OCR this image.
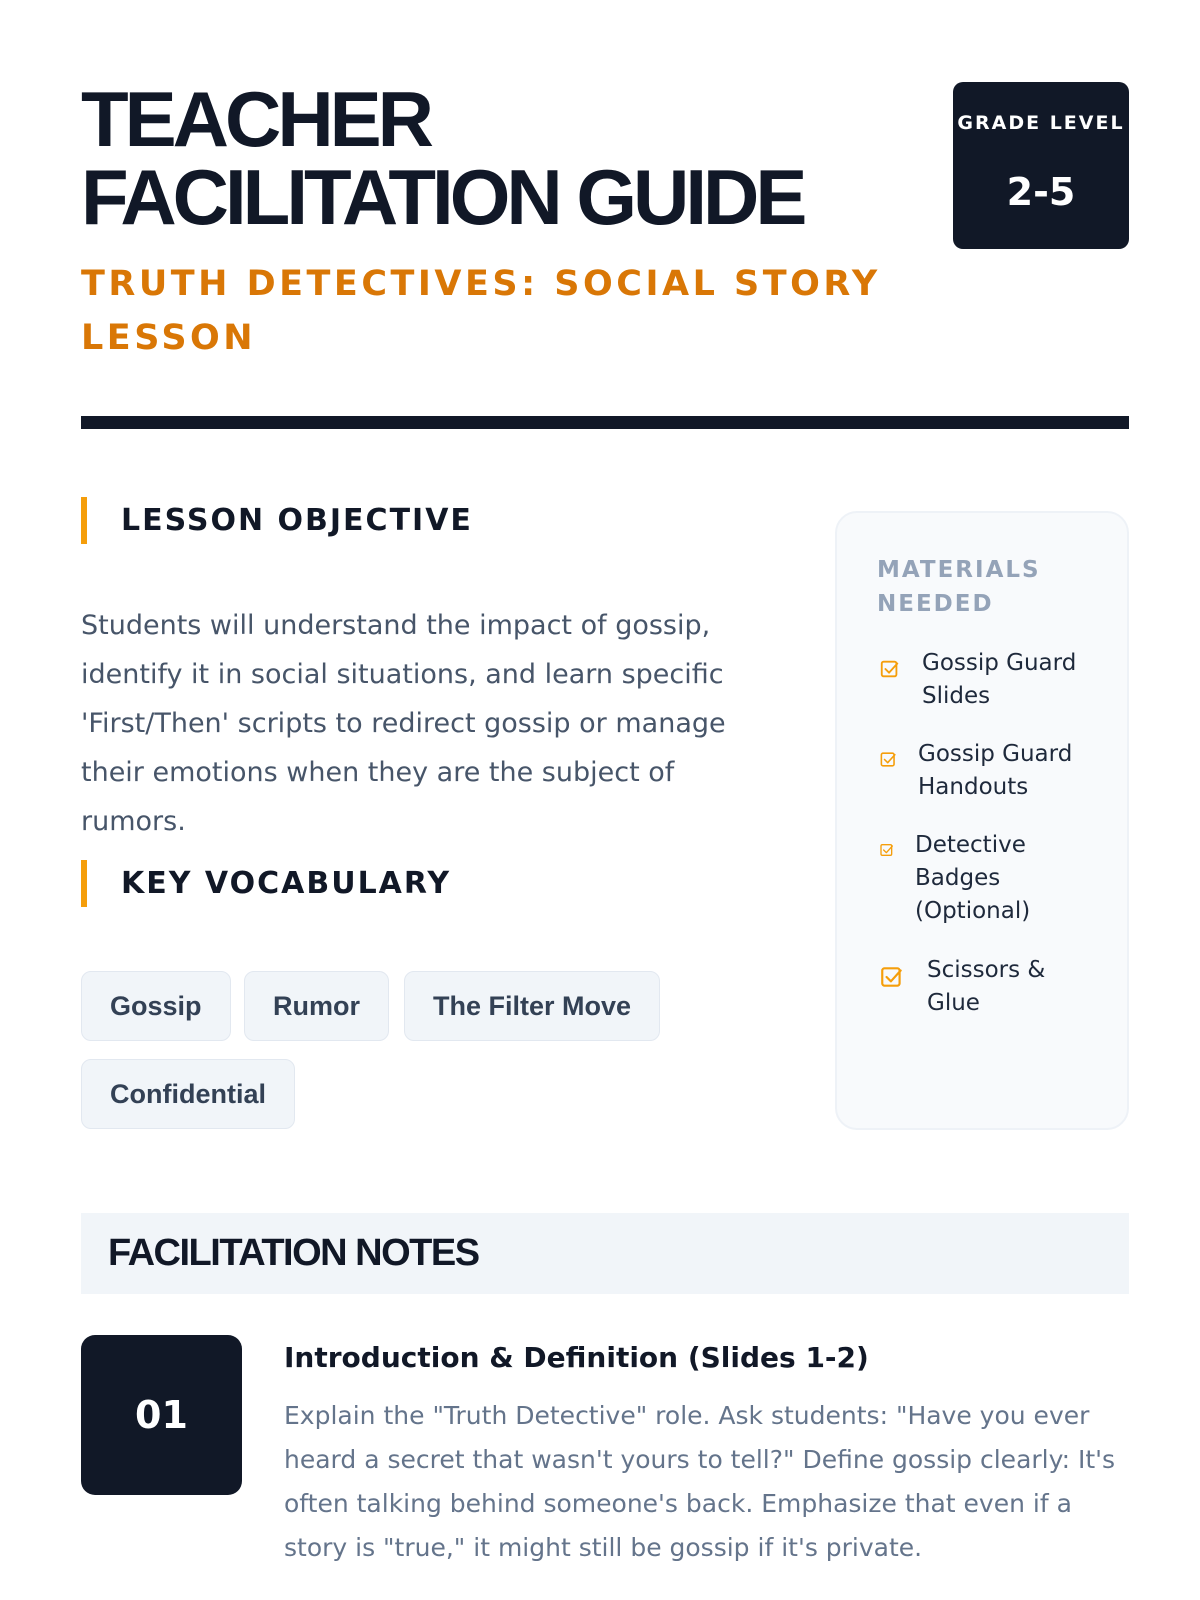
TEACHER
FACILITATION GUIDE
TRUTH DETECTIVES: SOCIAL STORY LESSON
GRADE LEVEL
2-5
LESSON OBJECTIVE

Students will understand the impact of gossip, identify it in social situations, and learn specific 'First/Then' scripts to redirect gossip or manage their emotions when they are the subject of rumors.

KEY VOCABULARY
Gossip	Rumor	The Filter Move
Confidential
MATERIALS NEEDED
Gossip Guard Slides
Gossip Guard Handouts
Detective Badges (Optional)
Scissors & Glue
FACILITATION NOTES
01
Introduction & Definition (Slides 1-2)

Explain the "Truth Detective" role. Ask students: "Have you ever heard a secret that wasn't yours to tell?" Define gossip clearly: It's often talking behind someone's back. Emphasize that even if a story is "true," it might still be gossip if it's private.
